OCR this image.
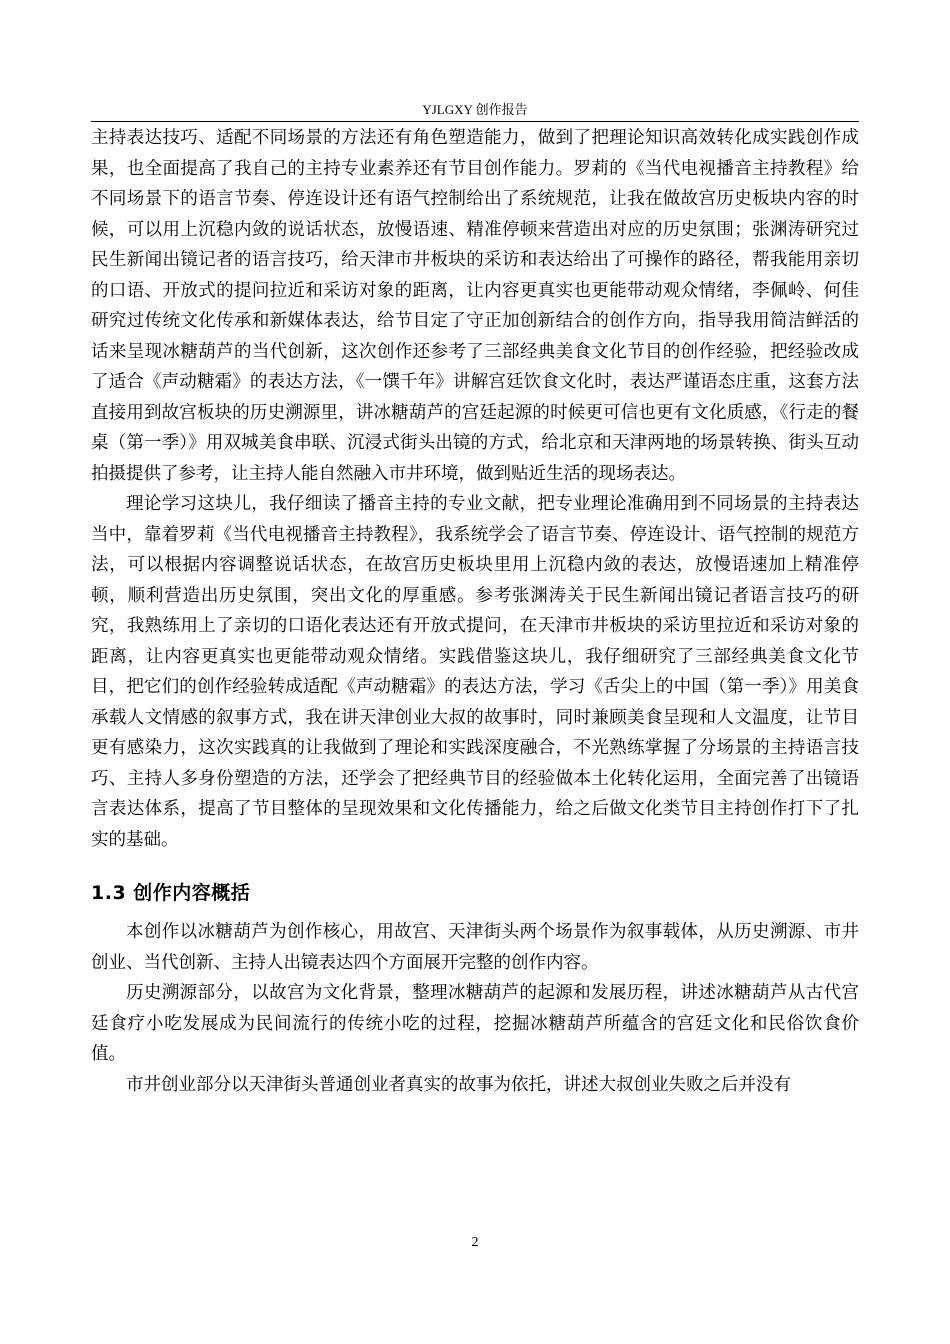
YJLGXY 创作报告

主持表达技巧、适配不同场景的方法还有角色塑造能力，做到了把理论知识高效转化成实践创作成果，也全面提高了我自己的主持专业素养还有节目创作能力。罗莉的《当代电视播音主持教程》给不同场景下的语言节奏、停连设计还有语气控制给出了系统规范，让我在做故宫历史板块内容的时候，可以用上沉稳内敛的说话状态，放慢语速、精准停顿来营造出对应的历史氛围；张渊涛研究过民生新闻出镜记者的语言技巧，给天津市井板块的采访和表达给出了可操作的路径，帮我能用亲切的口语、开放式的提问拉近和采访对象的距离，让内容更真实也更能带动观众情绪，李佩岭、何佳研究过传统文化传承和新媒体表达，给节目定了守正加创新结合的创作方向，指导我用简洁鲜活的话来呈现冰糖葫芦的当代创新，这次创作还参考了三部经典美食文化节目的创作经验，把经验改成了适合《声动糖霜》的表达方法，《一馔千年》讲解宫廷饮食文化时，表达严谨语态庄重，这套方法直接用到故宫板块的历史溯源里，讲冰糖葫芦的宫廷起源的时候更可信也更有文化质感，《行走的餐桌（第一季）》用双城美食串联、沉浸式街头出镜的方式，给北京和天津两地的场景转换、街头互动拍摄提供了参考，让主持人能自然融入市井环境，做到贴近生活的现场表达。

理论学习这块儿，我仔细读了播音主持的专业文献，把专业理论准确用到不同场景的主持表达当中，靠着罗莉《当代电视播音主持教程》，我系统学会了语言节奏、停连设计、语气控制的规范方法，可以根据内容调整说话状态，在故宫历史板块里用上沉稳内敛的表达，放慢语速加上精准停顿，顺利营造出历史氛围，突出文化的厚重感。参考张渊涛关于民生新闻出镜记者语言技巧的研究，我熟练用上了亲切的口语化表达还有开放式提问，在天津市井板块的采访里拉近和采访对象的距离，让内容更真实也更能带动观众情绪。实践借鉴这块儿，我仔细研究了三部经典美食文化节目，把它们的创作经验转成适配《声动糖霜》的表达方法，学习《舌尖上的中国（第一季）》用美食承载人文情感的叙事方式，我在讲天津创业大叔的故事时，同时兼顾美食呈现和人文温度，让节目更有感染力，这次实践真的让我做到了理论和实践深度融合，不光熟练掌握了分场景的主持语言技巧、主持人多身份塑造的方法，还学会了把经典节目的经验做本土化转化运用，全面完善了出镜语言表达体系，提高了节目整体的呈现效果和文化传播能力，给之后做文化类节目主持创作打下了扎实的基础。

1.3 创作内容概括

本创作以冰糖葫芦为创作核心，用故宫、天津街头两个场景作为叙事载体，从历史溯源、市井创业、当代创新、主持人出镜表达四个方面展开完整的创作内容。

历史溯源部分，以故宫为文化背景，整理冰糖葫芦的起源和发展历程，讲述冰糖葫芦从古代宫廷食疗小吃发展成为民间流行的传统小吃的过程，挖掘冰糖葫芦所蕴含的宫廷文化和民俗饮食价值。

市井创业部分以天津街头普通创业者真实的故事为依托，讲述大叔创业失败之后并没有

2
